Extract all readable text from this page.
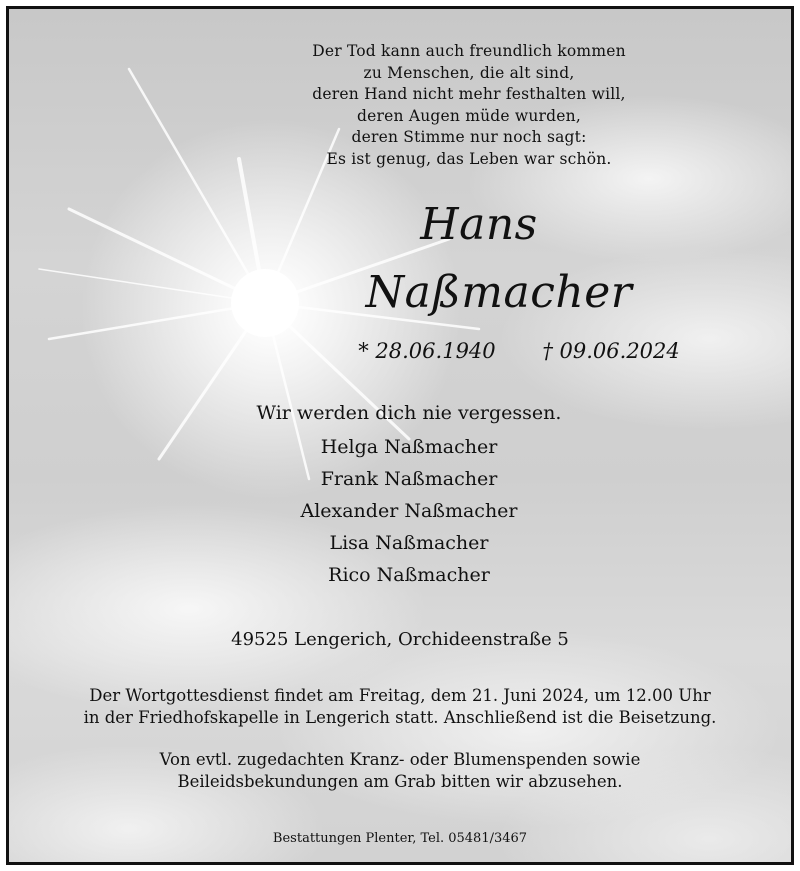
Der Tod kann auch freundlich kommen
zu Menschen, die alt sind,
deren Hand nicht mehr festhalten will,
deren Augen müde wurden,
deren Stimme nur noch sagt:
Es ist genug, das Leben war schön.
Hans
Naßmacher
* 28.06.1940 † 09.06.2024
Wir werden dich nie vergessen.
Helga Naßmacher
Frank Naßmacher
Alexander Naßmacher
Lisa Naßmacher
Rico Naßmacher
49525 Lengerich, Orchideenstraße 5
Der Wortgottesdienst findet am Freitag, dem 21. Juni 2024, um 12.00 Uhr
in der Friedhofskapelle in Lengerich statt. Anschließend ist die Beisetzung.
Von evtl. zugedachten Kranz- oder Blumenspenden sowie
Beileidsbekundungen am Grab bitten wir abzusehen.
Bestattungen Plenter, Tel. 05481/3467
